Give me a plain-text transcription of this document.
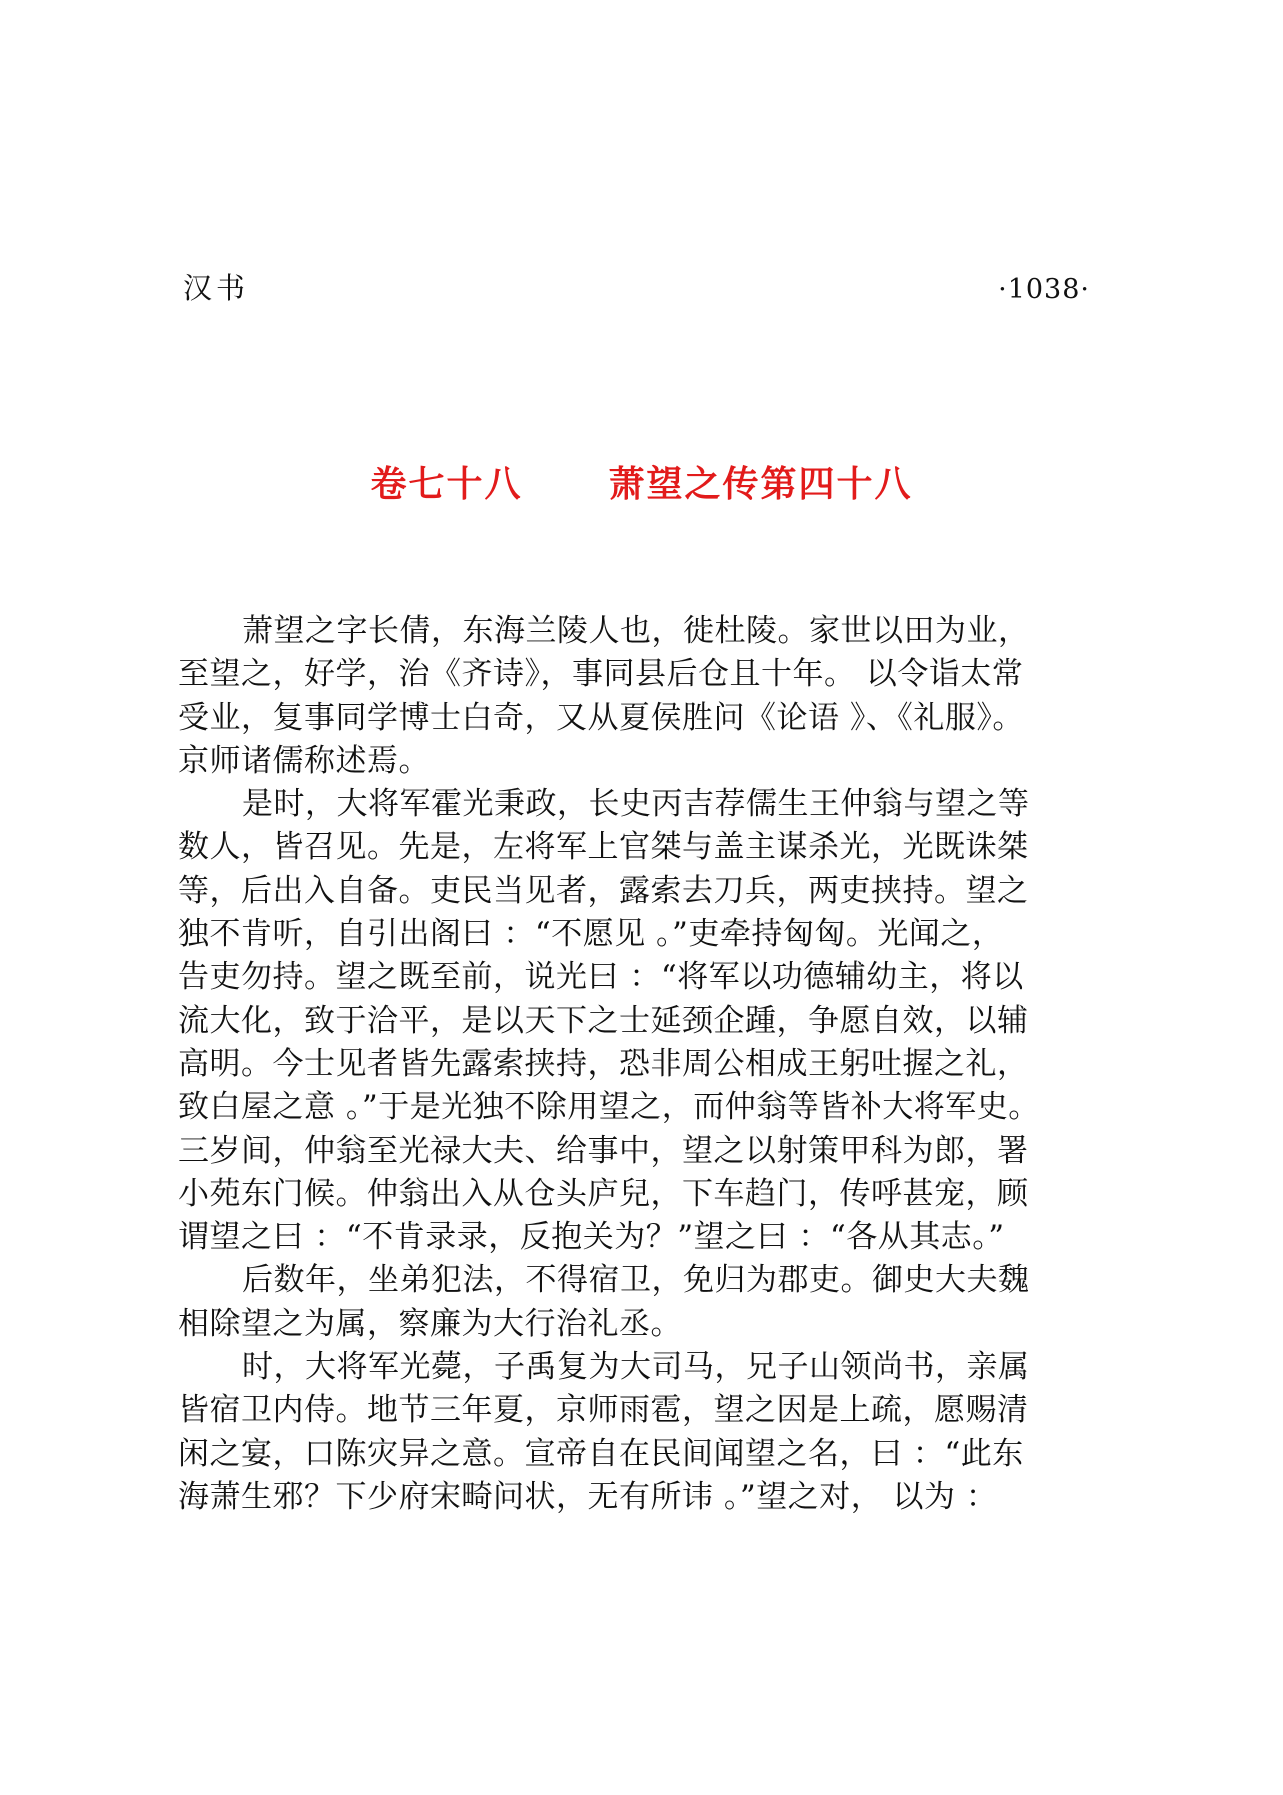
汉书	·1038·
卷七十八 萧望之传第四十八
萧望之字长倩，东海兰陵人也，徙杜陵。家世以田为业，
至望之，好学，治《齐诗》，事同县后仓且十年。 以令诣太常
受业，复事同学博士白奇，又从夏侯胜问《论语 》、《礼服》。
京师诸儒称述焉。
是时，大将军霍光秉政，长史丙吉荐儒生王仲翁与望之等
数人，皆召见。先是，左将军上官桀与盖主谋杀光，光既诛桀
等，后出入自备。吏民当见者，露索去刀兵，两吏挟持。望之
独不肯听，自引出阁曰 ：“不愿见 。”吏牵持匈匈。光闻之，
告吏勿持。望之既至前，说光曰 ：“将军以功德辅幼主，将以
流大化，致于洽平，是以天下之士延颈企踵，争愿自效，以辅
高明。今士见者皆先露索挟持，恐非周公相成王躬吐握之礼，
致白屋之意 。”于是光独不除用望之，而仲翁等皆补大将军史。
三岁间，仲翁至光禄大夫、给事中，望之以射策甲科为郎，署
小苑东门候。仲翁出入从仓头庐兒，下车趋门，传呼甚宠，顾
谓望之曰 ：“不肯录录，反抱关为？”望之曰 ：“各从其志。”
后数年，坐弟犯法，不得宿卫，免归为郡吏。御史大夫魏
相除望之为属，察廉为大行治礼丞。
时，大将军光薨，子禹复为大司马，兄子山领尚书，亲属
皆宿卫内侍。地节三年夏，京师雨雹，望之因是上疏，愿赐清
闲之宴，口陈灾异之意。宣帝自在民间闻望之名，曰 ：“此东
海萧生邪？下少府宋畸问状，无有所讳 。”望之对， 以为 ：
